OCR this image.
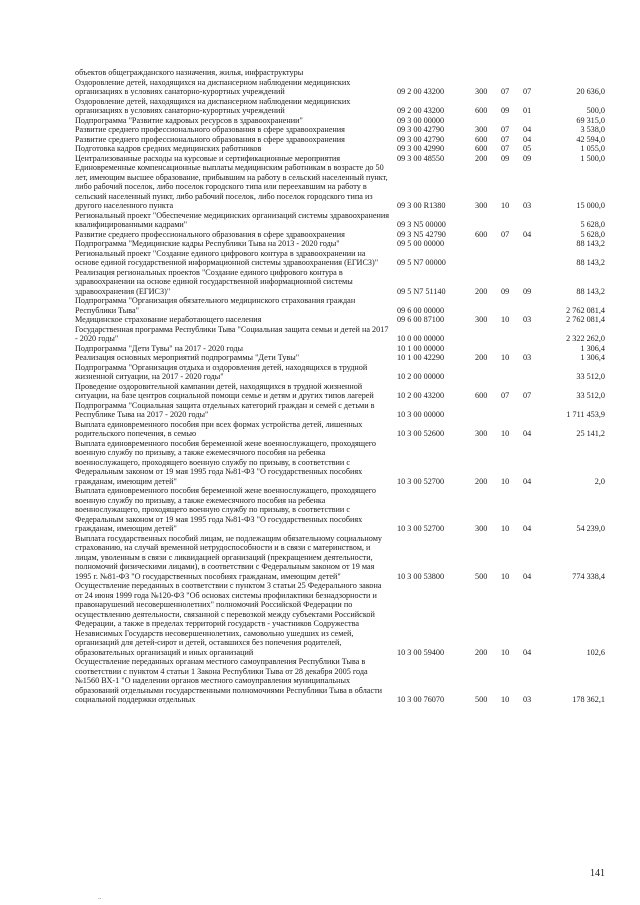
объектов общегражданского назначения, жилья, инфраструктуры					
Оздоровление детей, находящихся на диспансерном наблюдении медицинских организациях в условиях санаторно-курортных учреждений	09 2 00 43200	300	07	07	20 636,0
Оздоровление детей, находящихся на диспансерном наблюдении медицинских организациях в условиях санаторно-курортных учреждений	09 2 00 43200	600	09	01	500,0
Подпрограмма "Развитие кадровых ресурсов в здравоохранении"	09 3 00 00000				69 315,0
Развитие среднего профессионального образования в сфере здравоохранения	09 3 00 42790	300	07	04	3 538,0
Развитие среднего профессионального образования в сфере здравоохранения	09 3 00 42790	600	07	04	42 594,0
Подготовка кадров средних медицинских работников	09 3 00 42990	600	07	05	1 055,0
Централизованные расходы на курсовые и сертификационные мероприятия	09 3 00 48550	200	09	09	1 500,0
Единовременные компенсационные выплаты медицинским работникам в возрасте до 50 лет, имеющим высшее образование, прибывшим на работу в сельский населенный пункт, либо рабочий поселок, либо поселок городского типа или переехавшим на работу в сельский населенный пункт, либо рабочий поселок, либо поселок городского типа из другого населенного пункта	09 3 00 R1380	300	10	03	15 000,0
Региональный проект "Обеспечение медицинских организаций системы здравоохранения квалифицированными кадрами"	09 3 N5 00000				5 628,0
Развитие среднего профессионального образования в сфере здравоохранения	09 3 N5 42790	600	07	04	5 628,0
Подпрограмма "Медицинские кадры Республики Тыва на 2013 - 2020 годы"	09 5 00 00000				88 143,2
Региональный проект "Создание единого цифрового контура в здравоохранении на основе единой государственной информационной системы здравоохранения (ЕГИСЗ)"	09 5 N7 00000				88 143,2
Реализация региональных проектов "Создание единого цифрового контура в здравоохранении на основе единой государственной информационной системы здравоохранения (ЕГИСЗ)"	09 5 N7 51140	200	09	09	88 143,2
Подпрограмма "Организация обязательного медицинского страхования граждан Республики Тыва"	09 6 00 00000				2 762 081,4
Медицинское страхование неработающего населения	09 6 00 87100	300	10	03	2 762 081,4
Государственная программа Республики Тыва "Социальная защита семьи и детей на 2017 - 2020 годы"	10 0 00 00000				2 322 262,0
Подпрограмма "Дети Тувы" на 2017 - 2020 годы	10 1 00 00000				1 306,4
Реализация основных мероприятий подпрограммы "Дети Тувы"	10 1 00 42290	200	10	03	1 306,4
Подпрограмма "Организация отдыха и оздоровления детей, находящихся в трудной жизненной ситуации, на 2017 - 2020 годы"	10 2 00 00000				33 512,0
Проведение оздоровительной кампании детей, находящихся в трудной жизненной ситуации, на базе центров социальной помощи семье и детям и других типов лагерей	10 2 00 43200	600	07	07	33 512,0
Подпрограмма "Социальная защита отдельных категорий граждан и семей с детьми в Республике Тыва на 2017 - 2020 годы"	10 3 00 00000				1 711 453,9
Выплата единовременного пособия при всех формах устройства детей, лишенных родительского попечения, в семью	10 3 00 52600	300	10	04	25 141,2
Выплата единовременного пособия беременной жене военнослужащего, проходящего военную службу по призыву, а также ежемесячного пособия на ребенка военнослужащего, проходящего военную службу по призыву, в соответствии с Федеральным законом от 19 мая 1995 года №81-ФЗ "О государственных пособиях гражданам, имеющим детей"	10 3 00 52700	200	10	04	2,0
Выплата единовременного пособия беременной жене военнослужащего, проходящего военную службу по призыву, а также ежемесячного пособия на ребенка военнослужащего, проходящего военную службу по призыву, в соответствии с Федеральным законом от 19 мая 1995 года №81-ФЗ "О государственных пособиях гражданам, имеющим детей"	10 3 00 52700	300	10	04	54 239,0
Выплата государственных пособий лицам, не подлежащим обязательному социальному страхованию, на случай временной нетрудоспособности и в связи с материнством, и лицам, уволенным в связи с ликвидацией организаций (прекращением деятельности, полномочий физическими лицами), в соответствии с Федеральным законом от 19 мая 1995 г. №81-ФЗ "О государственных пособиях гражданам, имеющим детей"	10 3 00 53800	500	10	04	774 338,4
Осуществление переданных в соответствии с пунктом 3 статьи 25 Федерального закона от 24 июня 1999 года №120-ФЗ "Об основах системы профилактики безнадзорности и правонарушений несовершеннолетних" полномочий Российской Федерации по осуществлению деятельности, связанной с перевозкой между субъектами Российской Федерации, а также в пределах территорий государств - участников Содружества Независимых Государств несовершеннолетних, самовольно ушедших из семей, организаций для детей-сирот и детей, оставшихся без попечения родителей, образовательных организаций и иных организаций	10 3 00 59400	200	10	04	102,6
Осуществление переданных органам местного самоуправления Республики Тыва в соответствии с пунктом 4 статьи 1 Закона Республики Тыва от 28 декабря 2005 года №1560 ВХ-1 "О наделении органов местного самоуправления муниципальных образований отдельными государственными полномочиями Республики Тыва в области социальной поддержки отдельных	10 3 00 76070	500	10	03	178 362,1
141
..
